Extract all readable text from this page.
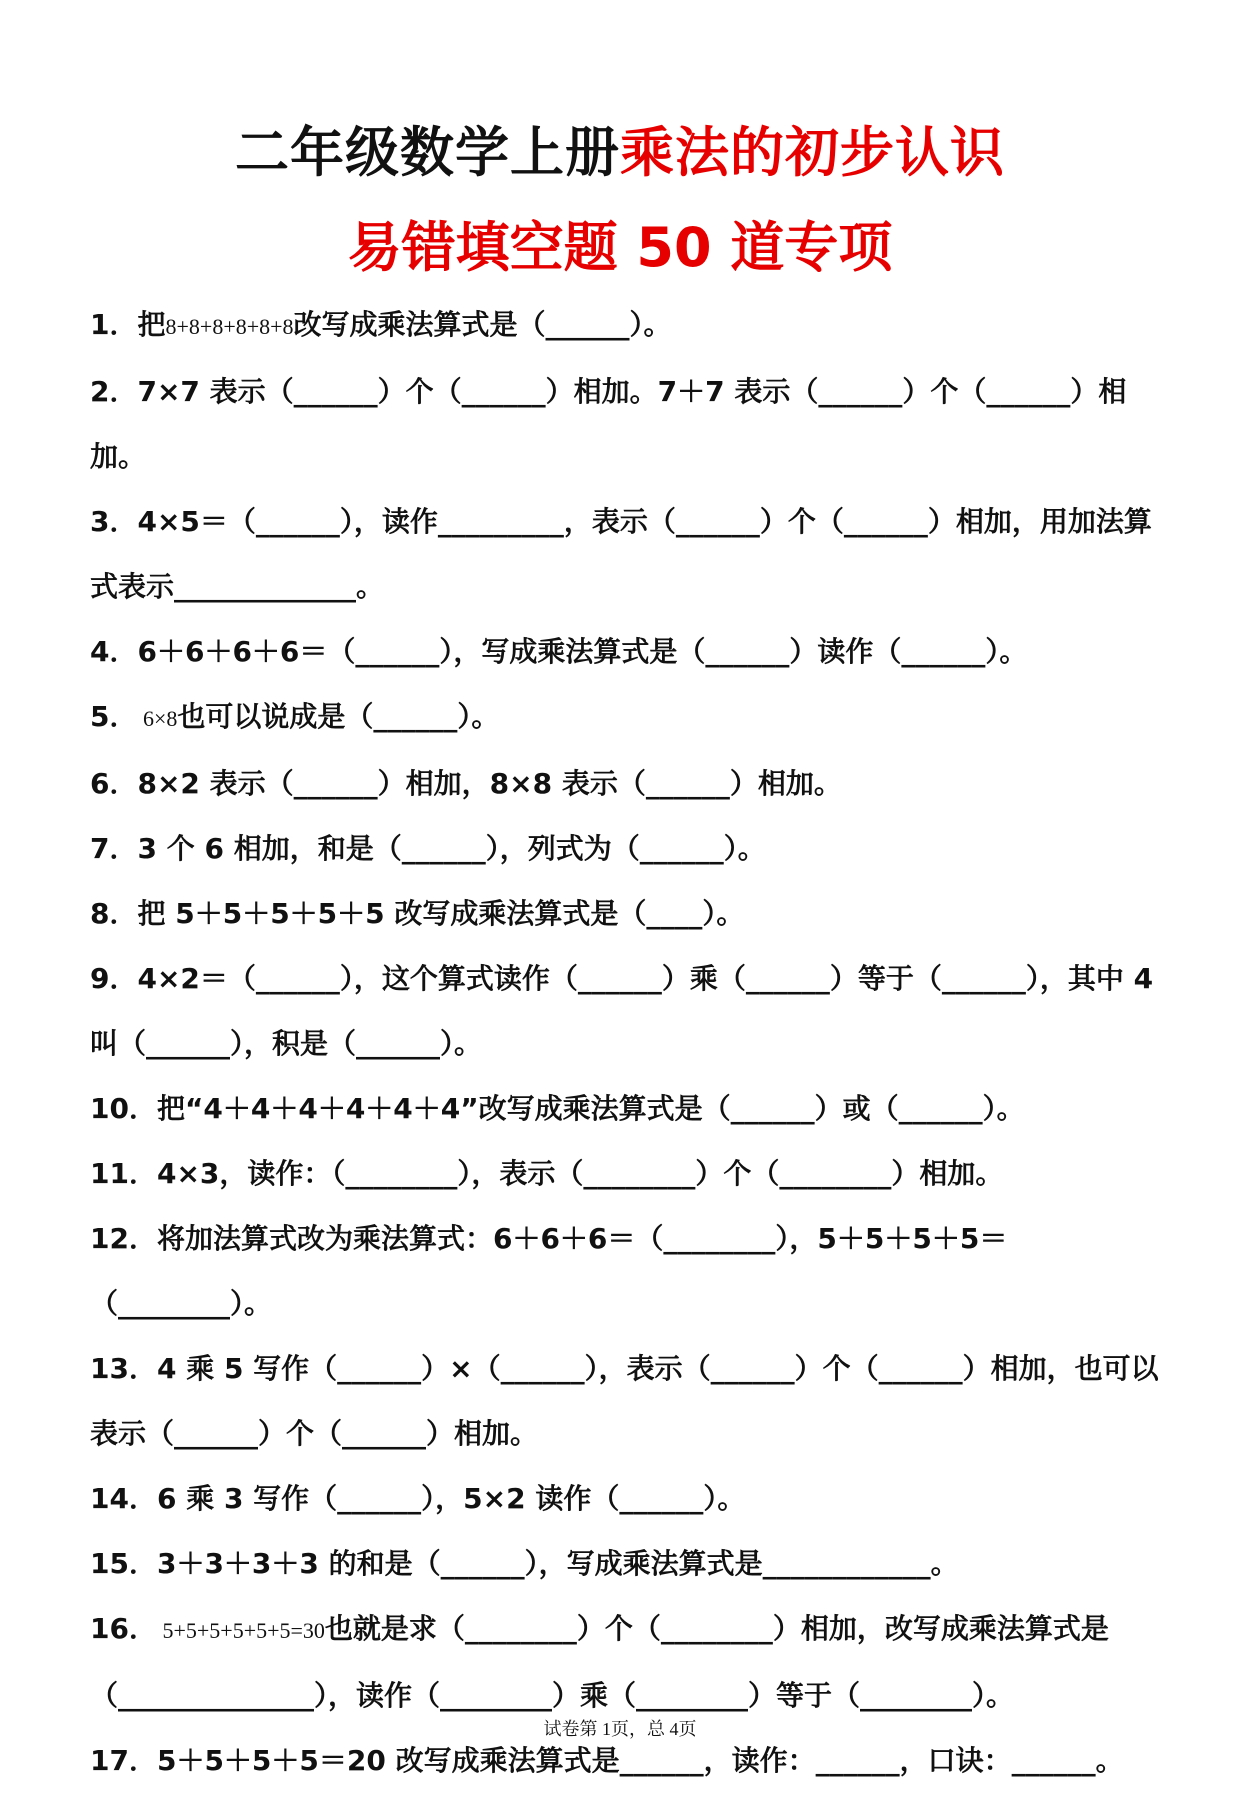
二年级数学上册乘法的初步认识
易错填空题 50 道专项
1．把8+8+8+8+8+8改写成乘法算式是（______）。
2．7×7 表示（______）个（______）相加。7＋7 表示（______）个（______）相加。
3．4×5＝（______），读作_________，表示（______）个（______）相加，用加法算式表示_____________。
4．6＋6＋6＋6＝（______），写成乘法算式是（______）读作（______）。
5． 6×8也可以说成是（______）。
6．8×2 表示（______）相加，8×8 表示（______）相加。
7．3 个 6 相加，和是（______），列式为（______）。
8．把 5＋5＋5＋5＋5 改写成乘法算式是（____）。
9．4×2＝（______），这个算式读作（______）乘（______）等于（______），其中 4 叫（______），积是（______）。
10．把“4＋4＋4＋4＋4＋4”改写成乘法算式是（______）或（______）。
11．4×3，读作：（________），表示（________）个（________）相加。
12．将加法算式改为乘法算式：6＋6＋6＝（________），5＋5＋5＋5＝（________）。
13．4 乘 5 写作（______）×（______），表示（______）个（______）相加，也可以表示（______）个（______）相加。
14．6 乘 3 写作（______），5×2 读作（______）。
15．3＋3＋3＋3 的和是（______），写成乘法算式是____________。
16． 5+5+5+5+5+5=30也就是求（________）个（________）相加，改写成乘法算式是（______________），读作（________）乘（________）等于（________）。
17．5＋5＋5＋5＝20 改写成乘法算式是______，读作：______，口诀：______。
试卷第 1页，总 4页
